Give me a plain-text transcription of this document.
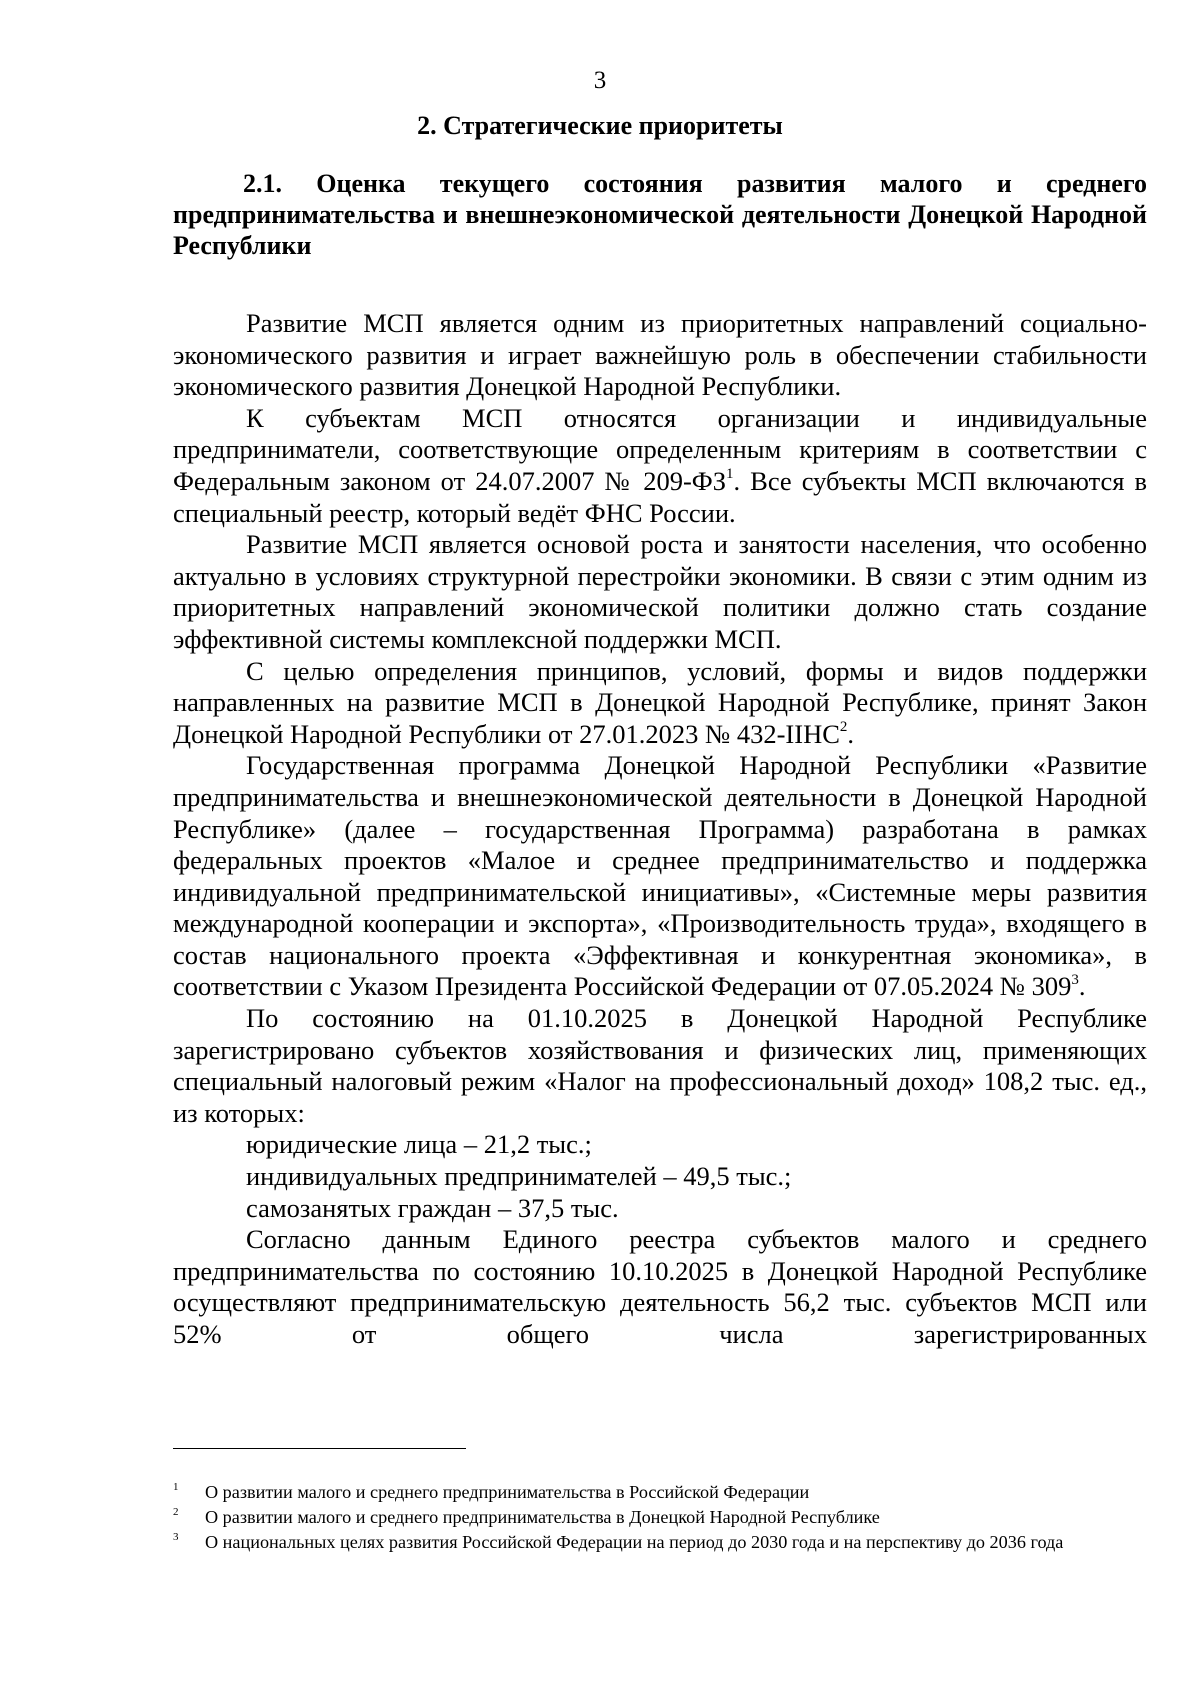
3
2. Стратегические приоритеты
2.1. Оценка текущего состояния развития малого и среднего предпринимательства и внешнеэкономической деятельности Донецкой Народной Республики

Развитие МСП является одним из приоритетных направлений социально-экономического развития и играет важнейшую роль в обеспечении стабильности экономического развития Донецкой Народной Республики.

К субъектам МСП относятся организации и индивидуальные предприниматели, соответствующие определенным критериям в соответствии с Федеральным законом от 24.07.2007 № $209-ФЗ^1$. Все субъекты МСП включаются в специальный реестр, который ведёт ФНС России.

Развитие МСП является основой роста и занятости населения, что особенно актуально в условиях структурной перестройки экономики. В связи с этим одним из приоритетных направлений экономической политики должно стать создание эффективной системы комплексной поддержки МСП.

С целью определения принципов, условий, формы и видов поддержки направленных на развитие МСП в Донецкой Народной Республике, принят Закон Донецкой Народной Республики от 27.01.2023 № 432-IIНС$^2$.

Государственная программа Донецкой Народной Республики «Развитие предпринимательства и внешнеэкономической деятельности в Донецкой Народной Республике» (далее – государственная Программа) разработана в рамках федеральных проектов «Малое и среднее предпринимательство и поддержка индивидуальной предпринимательской инициативы», «Системные меры развития международной кооперации и экспорта», «Производительность труда», входящего в состав национального проекта «Эффективная и конкурентная экономика», в соответствии с Указом Президента Российской Федерации от 07.05.2024 № $309^3$.

По состоянию на 01.10.2025 в Донецкой Народной Республике зарегистрировано субъектов хозяйствования и физических лиц, применяющих специальный налоговый режим «Налог на профессиональный доход» 108,2 тыс. ед., из которых:

юридические лица – 21,2 тыс.;
индивидуальных предпринимателей – 49,5 тыс.;
самозанятых граждан – 37,5 тыс.

Согласно данным Единого реестра субъектов малого и среднего предпринимательства по состоянию 10.10.2025 в Донецкой Народной Республике осуществляют предпринимательскую деятельность 56,2 тыс. субъектов МСП или 52% от общего числа зарегистрированных

1	О развитии малого и среднего предпринимательства в Российской Федерации
2	О развитии малого и среднего предпринимательства в Донецкой Народной Республике
3	О национальных целях развития Российской Федерации на период до 2030 года и на перспективу до 2036 года
